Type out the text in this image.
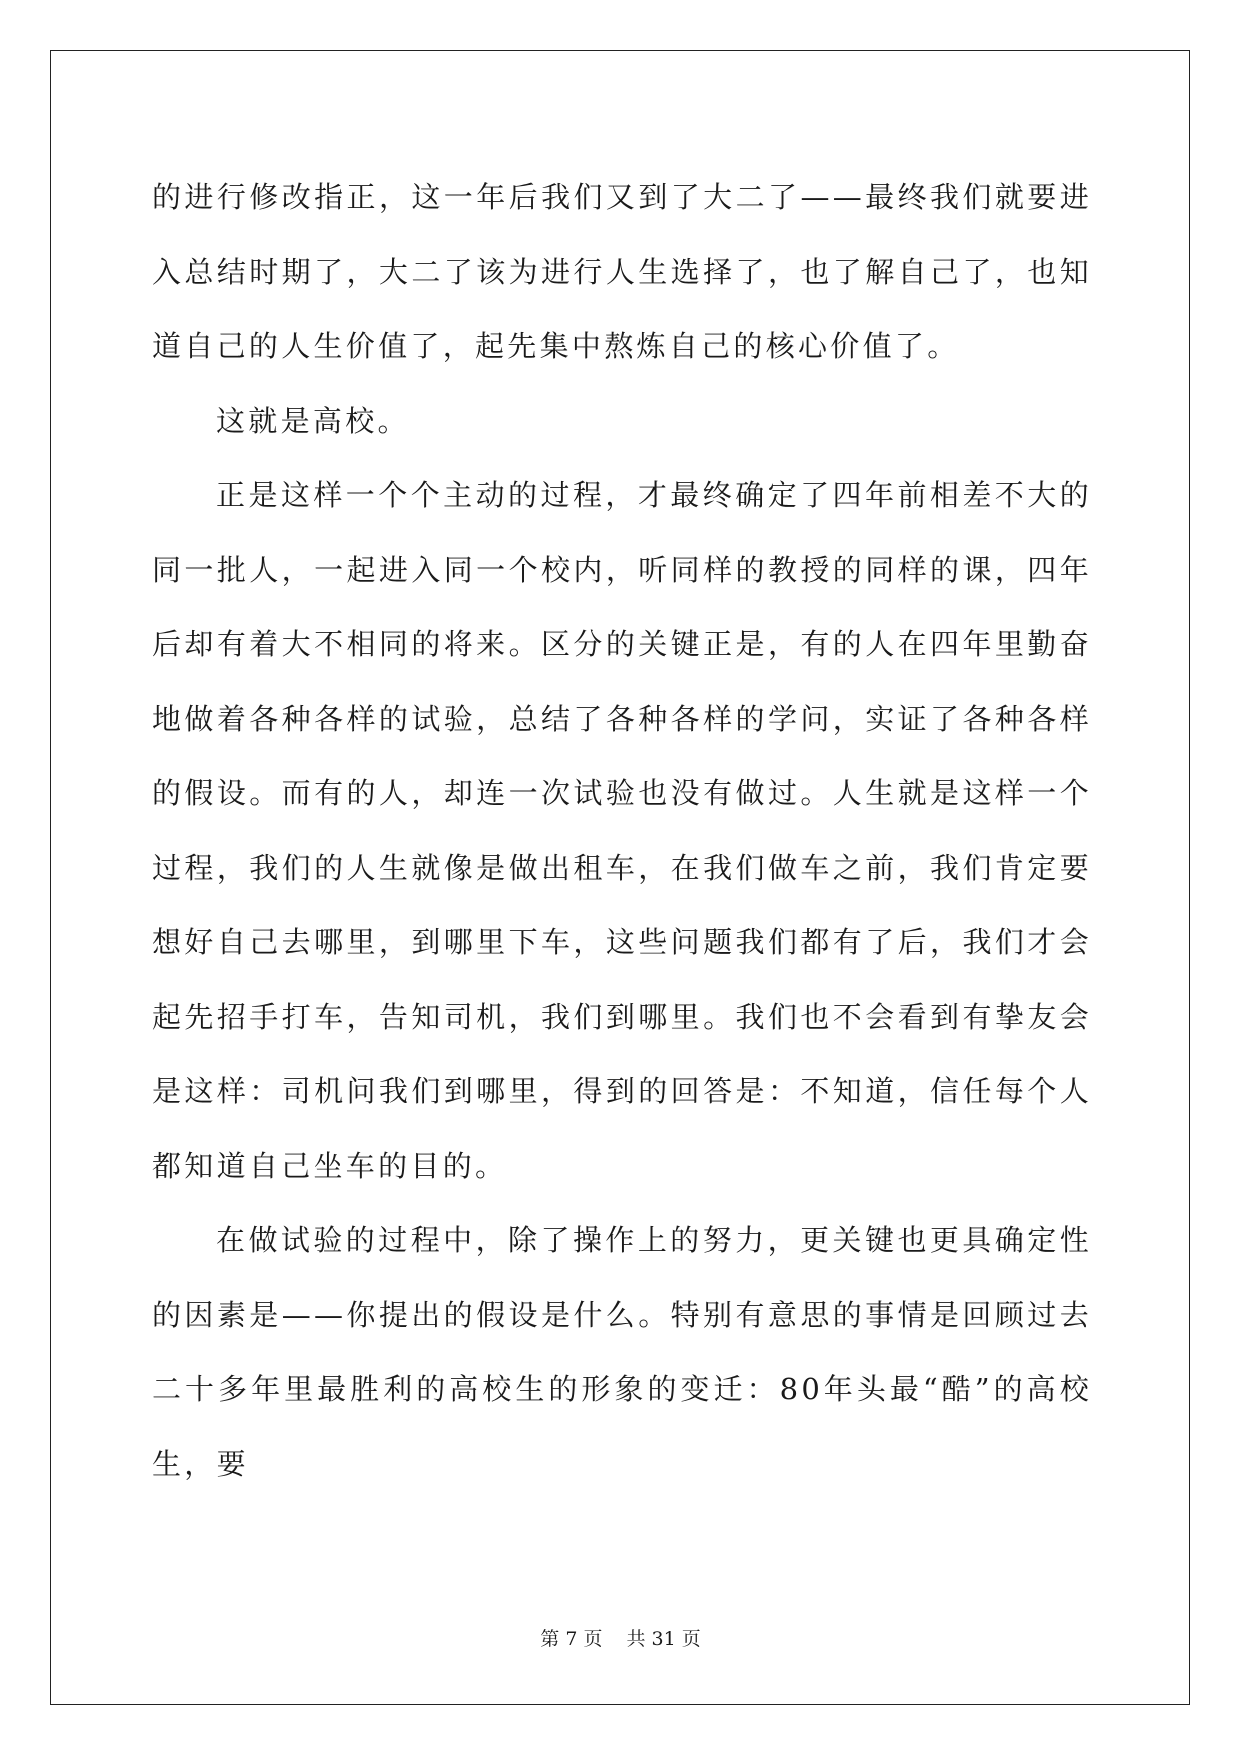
的进行修改指正，这一年后我们又到了大二了——最终我们就要进入总结时期了，大二了该为进行人生选择了，也了解自己了，也知道自己的人生价值了，起先集中熬炼自己的核心价值了。

这就是高校。

正是这样一个个主动的过程，才最终确定了四年前相差不大的同一批人，一起进入同一个校内，听同样的教授的同样的课，四年后却有着大不相同的将来。区分的关键正是，有的人在四年里勤奋地做着各种各样的试验，总结了各种各样的学问，实证了各种各样的假设。而有的人，却连一次试验也没有做过。人生就是这样一个过程，我们的人生就像是做出租车，在我们做车之前，我们肯定要想好自己去哪里，到哪里下车，这些问题我们都有了后，我们才会起先招手打车，告知司机，我们到哪里。我们也不会看到有挚友会是这样：司机问我们到哪里，得到的回答是：不知道，信任每个人都知道自己坐车的目的。

在做试验的过程中，除了操作上的努力，更关键也更具确定性的因素是——你提出的假设是什么。特别有意思的事情是回顾过去二十多年里最胜利的高校生的形象的变迁：80年头最“酷”的高校生，要

第 7 页 共 31 页
